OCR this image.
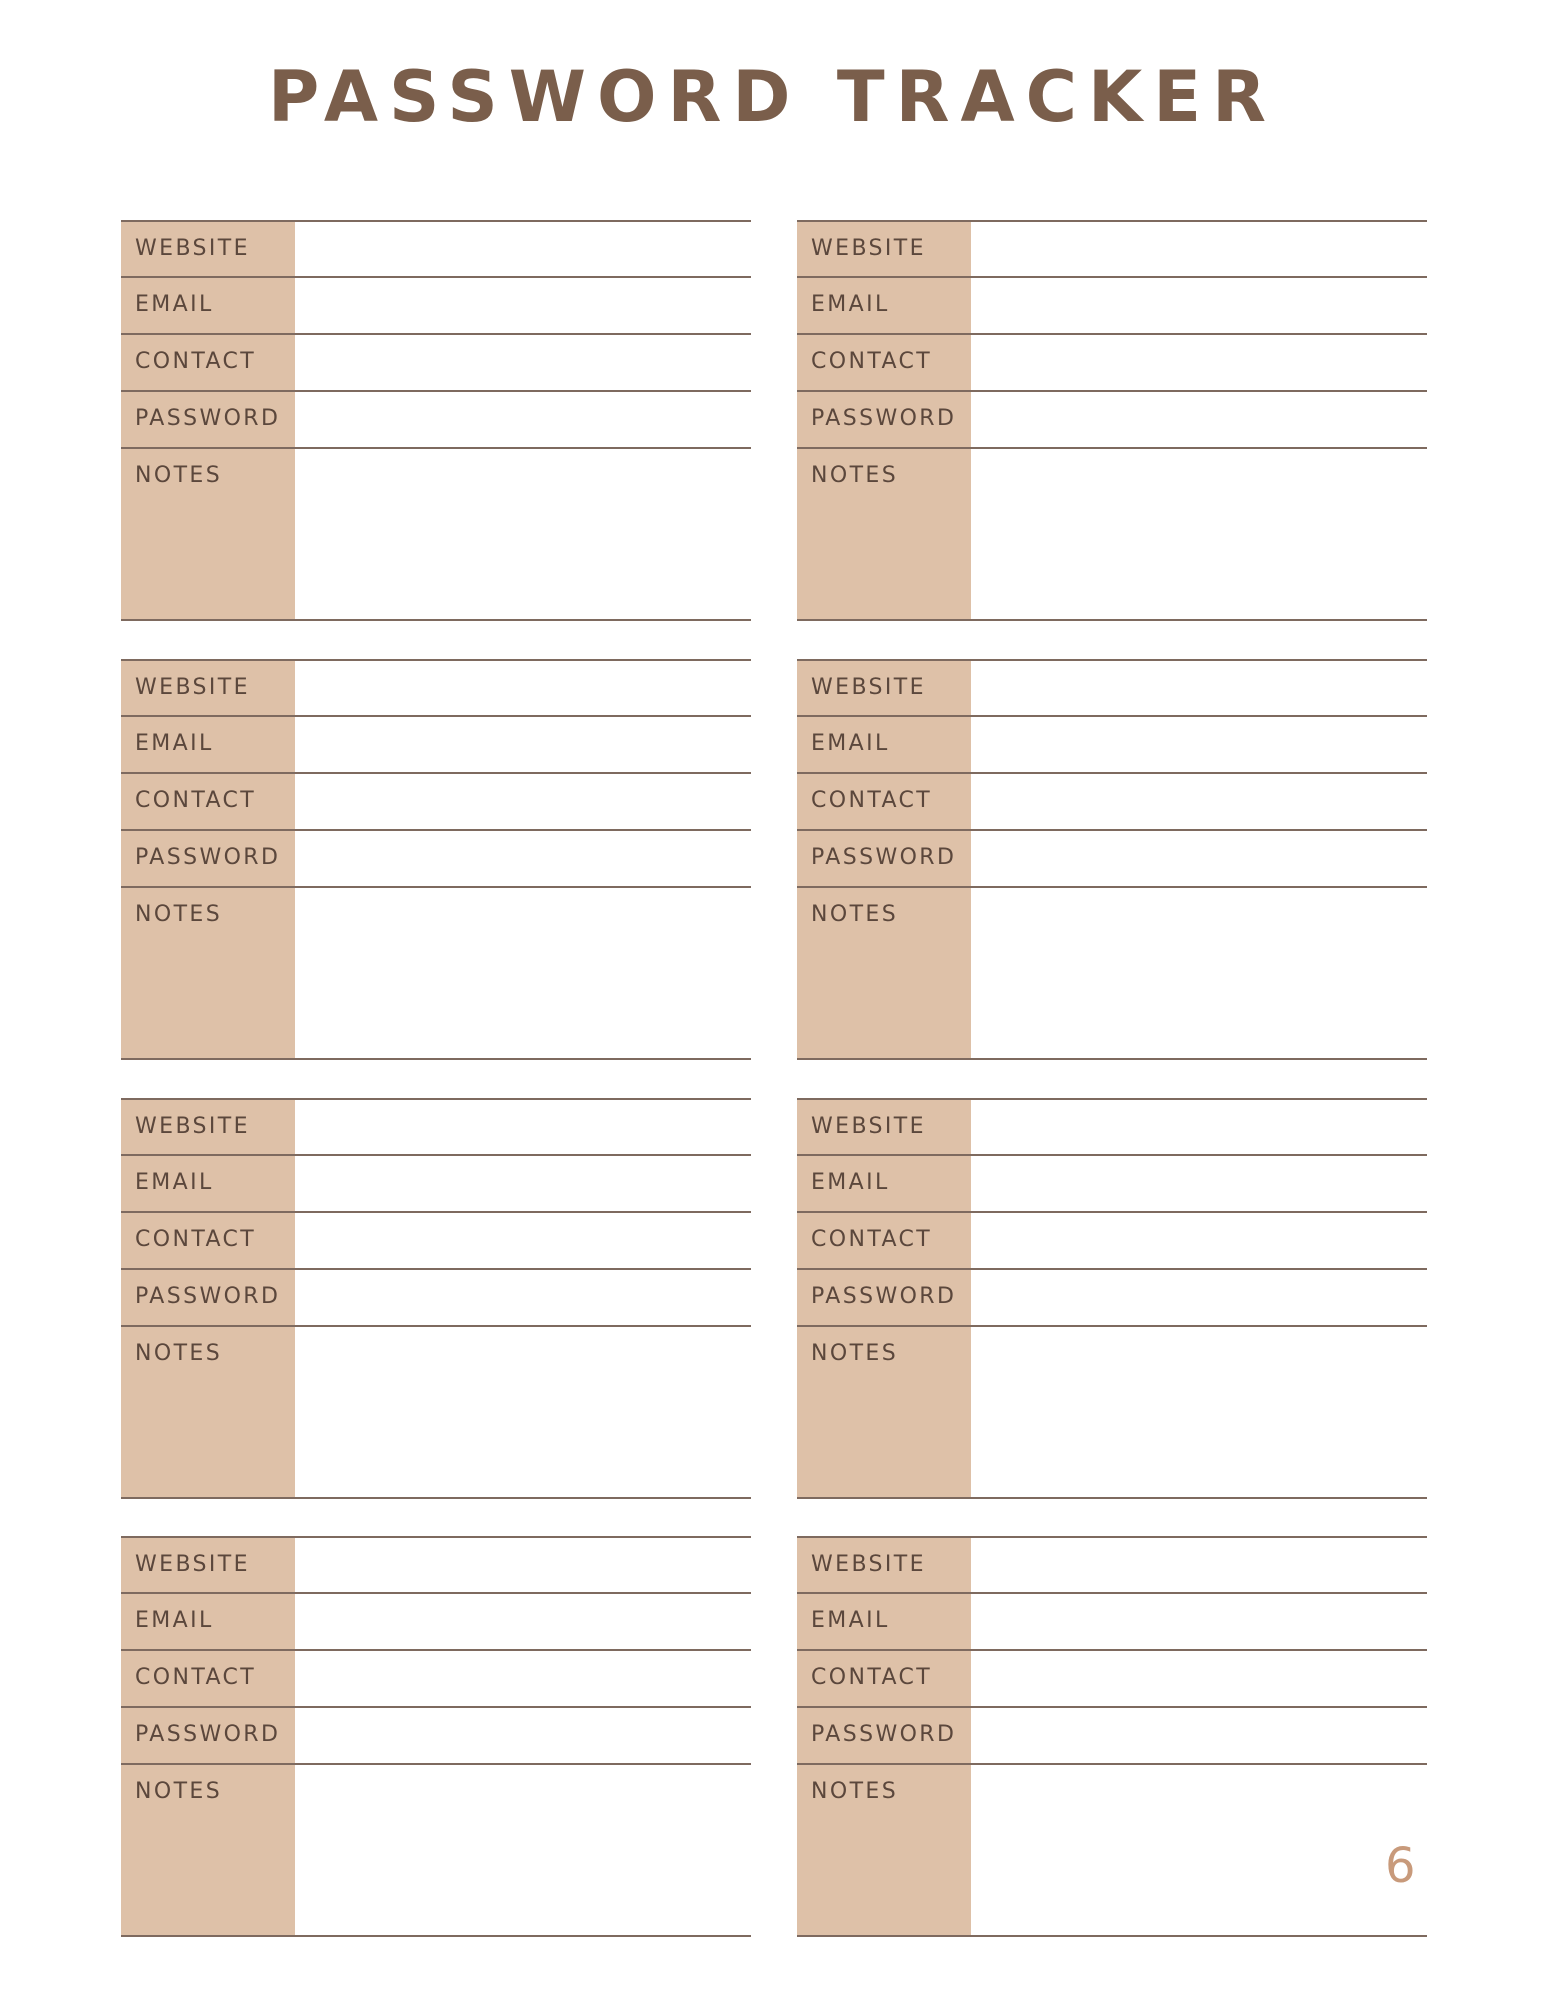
PASSWORD TRACKER
WEBSITE
EMAIL
CONTACT
PASSWORD
NOTES
WEBSITE
EMAIL
CONTACT
PASSWORD
NOTES
WEBSITE
EMAIL
CONTACT
PASSWORD
NOTES
WEBSITE
EMAIL
CONTACT
PASSWORD
NOTES
WEBSITE
EMAIL
CONTACT
PASSWORD
NOTES
WEBSITE
EMAIL
CONTACT
PASSWORD
NOTES
WEBSITE
EMAIL
CONTACT
PASSWORD
NOTES
WEBSITE
EMAIL
CONTACT
PASSWORD
NOTES
6
